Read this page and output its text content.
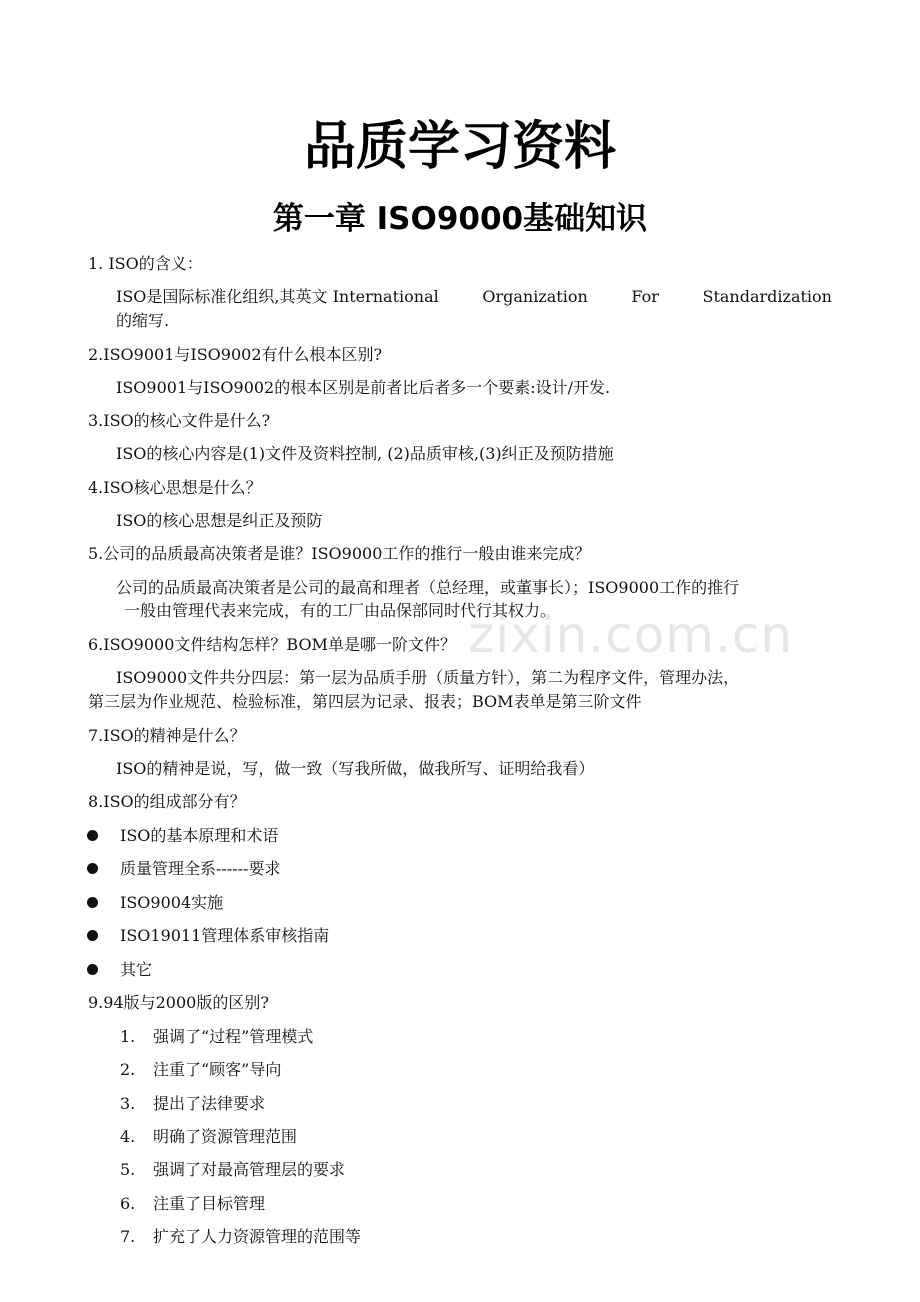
zixin.com.cn
品质学习资料
第一章 ISO9000基础知识
1. ISO的含义：
ISO是国际标准化组织,其英文 International	Organization	For	Standardization
的缩写.
2.ISO9001与ISO9002有什么根本区别?
ISO9001与ISO9002的根本区别是前者比后者多一个要素:设计/开发.
3.ISO的核心文件是什么?
ISO的核心内容是(1)文件及资料控制, (2)品质审核,(3)纠正及预防措施
4.ISO核心思想是什么？
ISO的核心思想是纠正及预防
5.公司的品质最高决策者是谁？ISO9000工作的推行一般由谁来完成？
公司的品质最高决策者是公司的最高和理者（总经理，或董事长）；ISO9000工作的推行
一般由管理代表来完成，有的工厂由品保部同时代行其权力。
6.ISO9000文件结构怎样？BOM单是哪一阶文件？
ISO9000文件共分四层：第一层为品质手册（质量方针），第二为程序文件，管理办法，
第三层为作业规范、检验标准，第四层为记录、报表；BOM表单是第三阶文件
7.ISO的精神是什么？
ISO的精神是说，写，做一致（写我所做，做我所写、证明给我看）
8.ISO的组成部分有？
ISO的基本原理和术语
质量管理全系------要求
ISO9004实施
ISO19011管理体系审核指南
其它
9.94版与2000版的区别?
1. 强调了“过程”管理模式
2. 注重了“顾客”导向
3. 提出了法律要求
4. 明确了资源管理范围
5. 强调了对最高管理层的要求
6. 注重了目标管理
7. 扩充了人力资源管理的范围等
